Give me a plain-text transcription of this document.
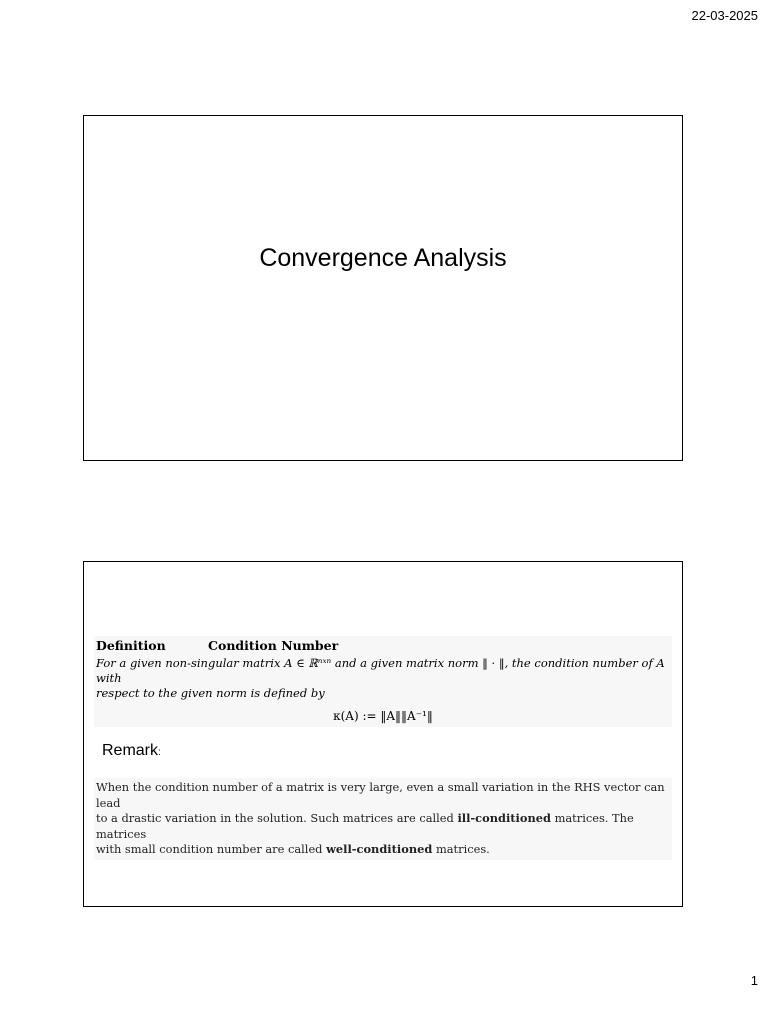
22-03-2025
Convergence Analysis
Definition	Condition Number
For a given non-singular matrix A ∈ ℝⁿˣⁿ and a given matrix norm ‖ · ‖, the condition number of A with
respect to the given norm is defined by
κ(A) := ‖A‖‖A⁻¹‖
Remark:
When the condition number of a matrix is very large, even a small variation in the RHS vector can lead
to a drastic variation in the solution. Such matrices are called ill-conditioned matrices. The matrices
with small condition number are called well-conditioned matrices.
1
